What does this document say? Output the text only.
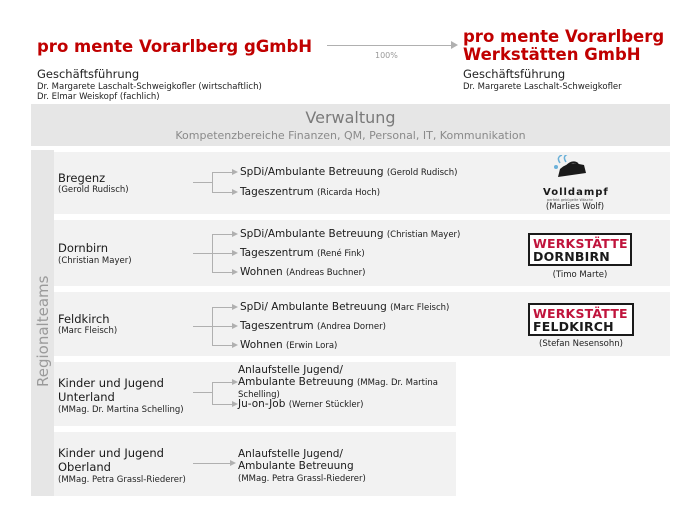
pro mente Vorarlberg gGmbH
Geschäftsführung
Dr. Margarete Laschalt-Schweigkofler (wirtschaftlich)
Dr. Elmar Weiskopf (fachlich)
100%
pro mente Vorarlberg
Werkstätten GmbH
Geschäftsführung
Dr. Margarete Laschalt-Schweigkofler
Verwaltung
Kompetenzbereiche Finanzen, QM, Personal, IT, Kommunikation
Regionalteams
Bregenz
(Gerold Rudisch)
SpDi/Ambulante Betreuung (Gerold Rudisch)
Tageszentrum (Ricarda Hoch)	Volldampf
perfekt gebügelte Wäsche
(Marlies Wolf)
Dornbirn
(Christian Mayer)
SpDi/Ambulante Betreuung (Christian Mayer)
Tageszentrum (René Fink)
Wohnen (Andreas Buchner)
WERKSTÄTTE
DORNBIRN
(Timo Marte)
Feldkirch
(Marc Fleisch)
SpDi/ Ambulante Betreuung (Marc Fleisch)
Tageszentrum (Andrea Dorner)
Wohnen (Erwin Lora)
WERKSTÄTTE
FELDKIRCH
(Stefan Nesensohn)
Kinder und Jugend
Unterland
(MMag. Dr. Martina Schelling)
Anlaufstelle Jugend/
Ambulante Betreuung (MMag. Dr. Martina
Schelling)
Ju-on-Job (Werner Stückler)
Kinder und Jugend
Oberland
(MMag. Petra Grassl-Riederer)
Anlaufstelle Jugend/
Ambulante Betreuung
(MMag. Petra Grassl-Riederer)
